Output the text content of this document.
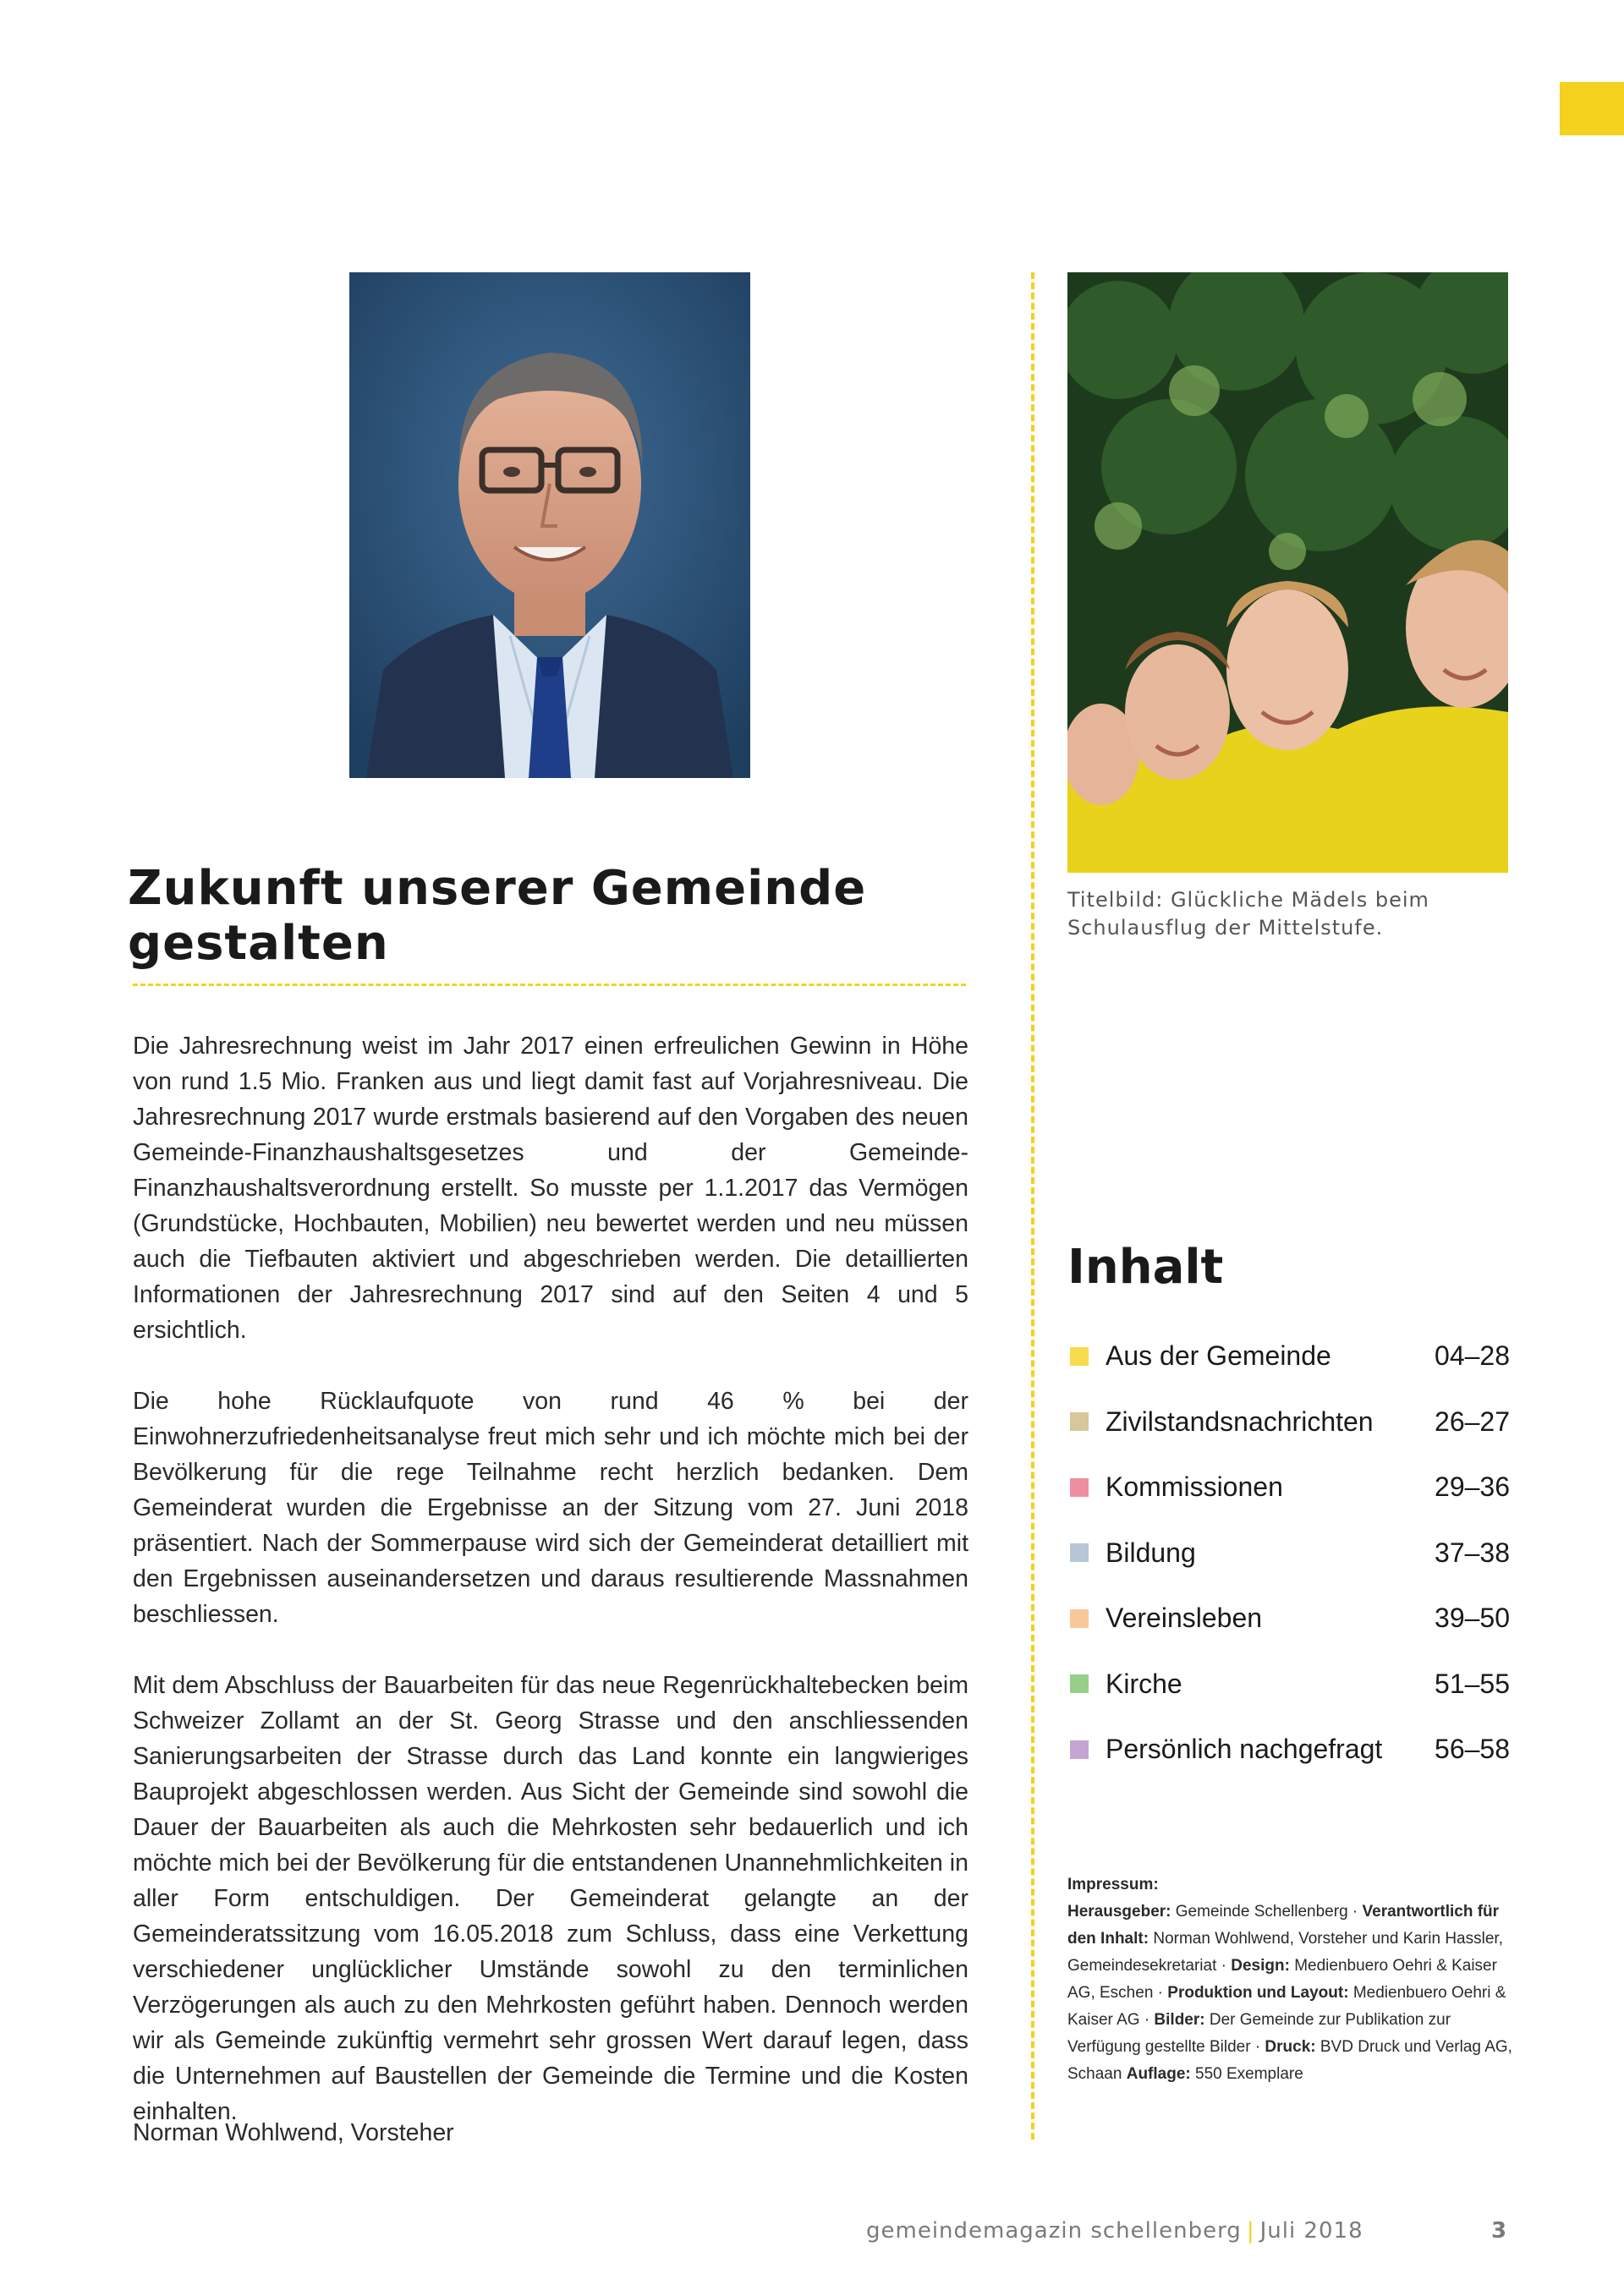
Zukunft unserer Gemeinde gestalten

Die Jahresrechnung weist im Jahr 2017 einen erfreulichen Gewinn in Höhe von rund 1.5 Mio. Franken aus und liegt damit fast auf Vorjahresniveau. Die Jahresrechnung 2017 wurde erstmals basierend auf den Vorgaben des neuen Gemeinde-Finanzhaushaltsgesetzes und der Gemeinde-Finanzhaushaltsverordnung erstellt. So musste per 1.1.2017 das Vermögen (Grundstücke, Hochbauten, Mobilien) neu bewertet werden und neu müssen auch die Tiefbauten aktiviert und abgeschrieben werden. Die detaillierten Informationen der Jahresrechnung 2017 sind auf den Seiten 4 und 5 ersichtlich.

Die hohe Rücklaufquote von rund 46 % bei der Einwohnerzufriedenheitsanalyse freut mich sehr und ich möchte mich bei der Bevölkerung für die rege Teilnahme recht herzlich bedanken. Dem Gemeinderat wurden die Ergebnisse an der Sitzung vom 27. Juni 2018 präsentiert. Nach der Sommerpause wird sich der Gemeinderat detailliert mit den Ergebnissen auseinandersetzen und daraus resultierende Massnahmen beschliessen.

Mit dem Abschluss der Bauarbeiten für das neue Regenrückhaltebecken beim Schweizer Zollamt an der St. Georg Strasse und den anschliessenden Sanierungsarbeiten der Strasse durch das Land konnte ein langwieriges Bauprojekt abgeschlossen werden. Aus Sicht der Gemeinde sind sowohl die Dauer der Bauarbeiten als auch die Mehrkosten sehr bedauerlich und ich möchte mich bei der Bevölkerung für die entstandenen Unannehmlichkeiten in aller Form entschuldigen. Der Gemeinderat gelangte an der Gemeinderatssitzung vom 16.05.2018 zum Schluss, dass eine Verkettung verschiedener unglücklicher Umstände sowohl zu den terminlichen Verzögerungen als auch zu den Mehrkosten geführt haben. Dennoch werden wir als Gemeinde zukünftig vermehrt sehr grossen Wert darauf legen, dass die Unternehmen auf Baustellen der Gemeinde die Termine und die Kosten einhalten.

Norman Wohlwend, Vorsteher
Titelbild: Glückliche Mädels beim Schulausflug der Mittelstufe.
Inhalt
Aus der Gemeinde	04–28
Zivilstandsnachrichten	26–27
Kommissionen	29–36
Bildung	37–38
Vereinsleben	39–50
Kirche	51–55
Persönlich nachgefragt	56–58
Impressum:
Herausgeber: Gemeinde Schellenberg · Verantwortlich für den Inhalt: Norman Wohlwend, Vorsteher und Karin Hassler, Gemeindesekretariat · Design: Medienbuero Oehri & Kaiser AG, Eschen · Produktion und Layout: Medienbuero Oehri & Kaiser AG · Bilder: Der Gemeinde zur Publikation zur Verfügung gestellte Bilder · Druck: BVD Druck und Verlag AG, Schaan Auflage: 550 Exemplare
gemeindemagazin schellenberg | Juli 2018	3
